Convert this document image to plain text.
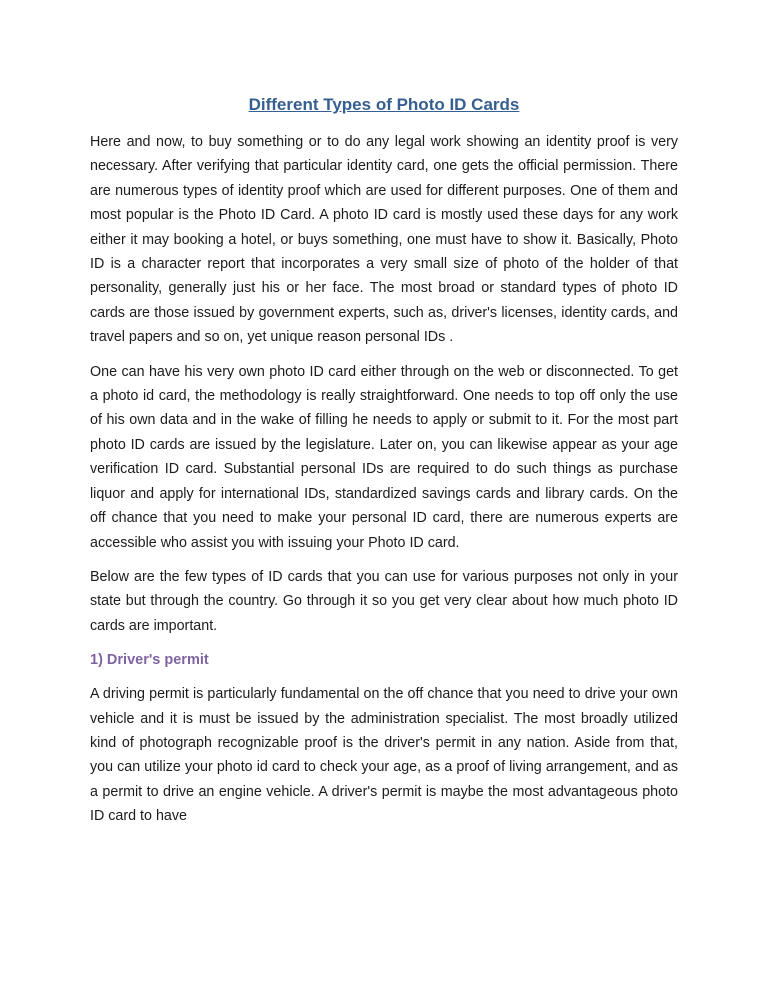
Different Types of Photo ID Cards

Here and now, to buy something or to do any legal work showing an identity proof is very necessary. After verifying that particular identity card, one gets the official permission. There are numerous types of identity proof which are used for different purposes. One of them and most popular is the Photo ID Card. A photo ID card is mostly used these days for any work either it may booking a hotel, or buys something, one must have to show it. Basically, Photo ID is a character report that incorporates a very small size of photo of the holder of that personality, generally just his or her face. The most broad or standard types of photo ID cards are those issued by government experts, such as, driver's licenses, identity cards, and travel papers and so on, yet unique reason personal IDs .

One can have his very own photo ID card either through on the web or disconnected. To get a photo id card, the methodology is really straightforward. One needs to top off only the use of his own data and in the wake of filling he needs to apply or submit to it. For the most part photo ID cards are issued by the legislature. Later on, you can likewise appear as your age verification ID card. Substantial personal IDs are required to do such things as purchase liquor and apply for international IDs, standardized savings cards and library cards. On the off chance that you need to make your personal ID card, there are numerous experts are accessible who assist you with issuing your Photo ID card.

Below are the few types of ID cards that you can use for various purposes not only in your state but through the country. Go through it so you get very clear about how much photo ID cards are important.

1) Driver's permit

A driving permit is particularly fundamental on the off chance that you need to drive your own vehicle and it is must be issued by the administration specialist. The most broadly utilized kind of photograph recognizable proof is the driver's permit in any nation. Aside from that, you can utilize your photo id card to check your age, as a proof of living arrangement, and as a permit to drive an engine vehicle. A driver's permit is maybe the most advantageous photo ID card to have
